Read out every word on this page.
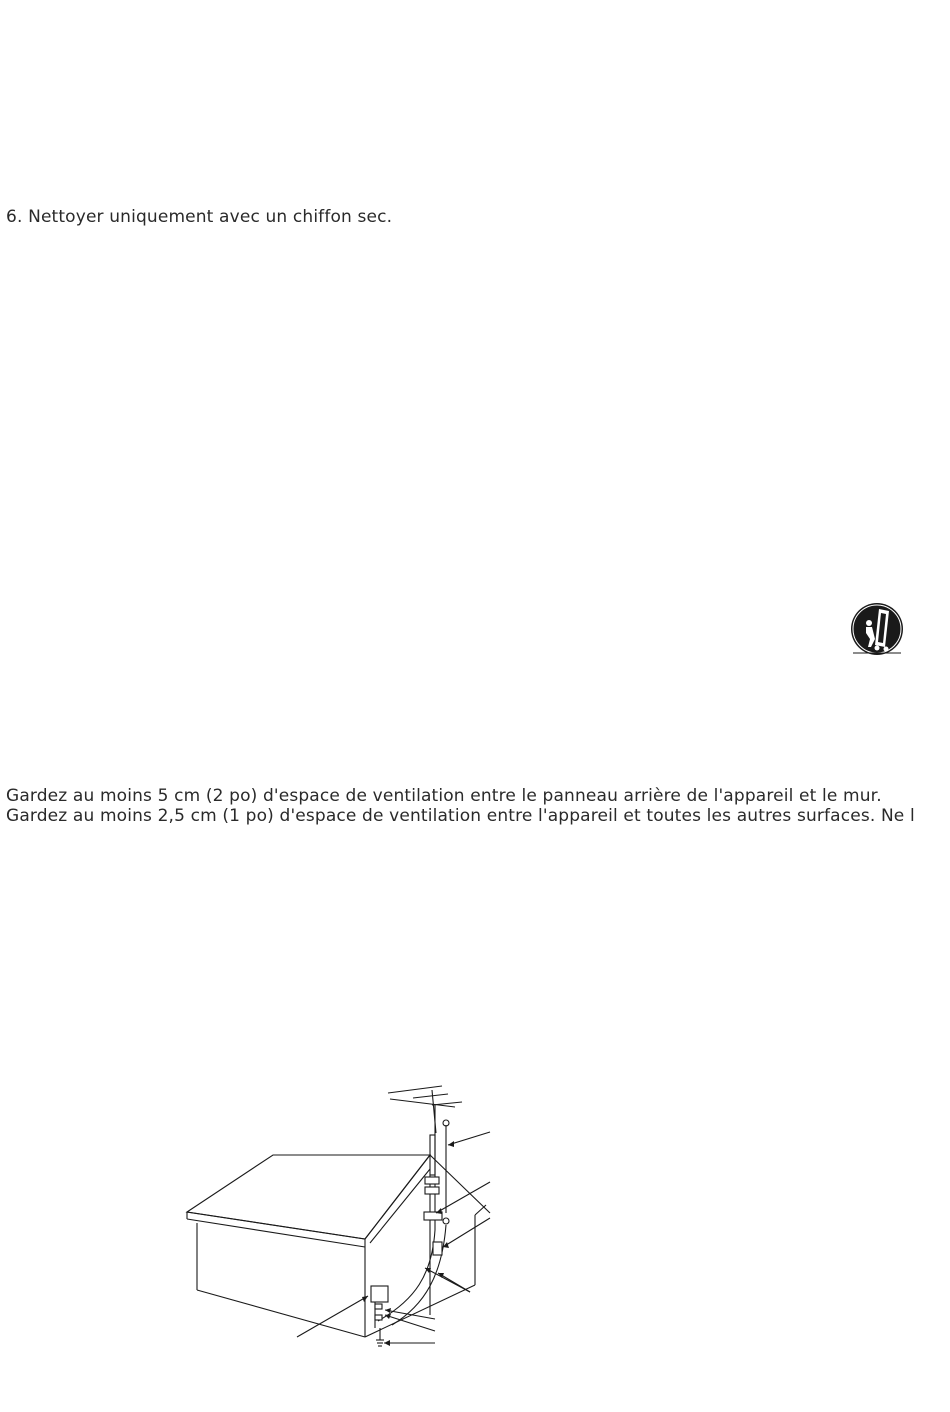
6. Nettoyer uniquement avec un chiffon sec.
Gardez au moins 5 cm (2 po) d'espace de ventilation entre le panneau arrière de l'appareil et le mur.
Gardez au moins 2,5 cm (1 po) d'espace de ventilation entre l'appareil et toutes les autres surfaces. Ne l
